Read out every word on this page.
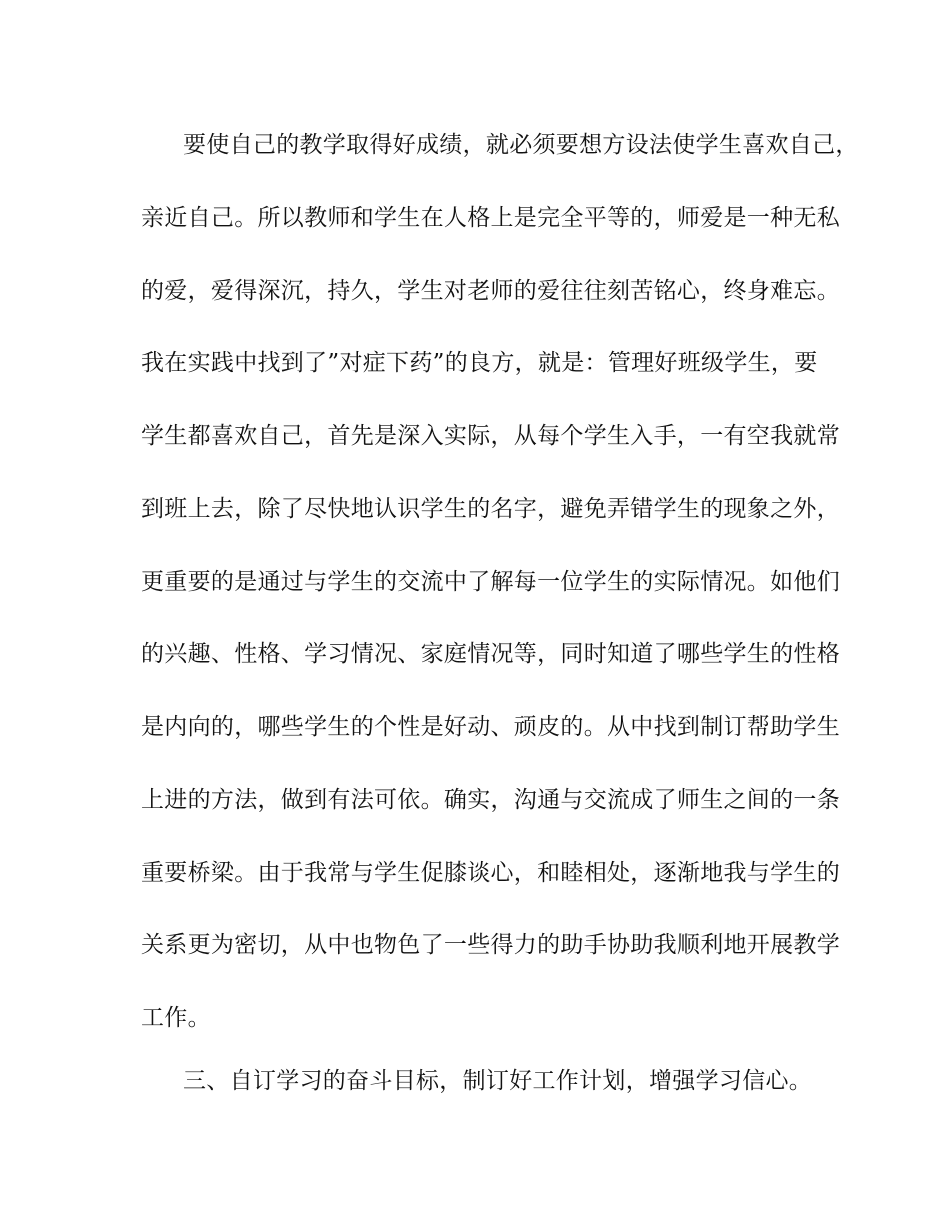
要使自己的教学取得好成绩，就必须要想方设法使学生喜欢自己，
亲近自己。所以教师和学生在人格上是完全平等的，师爱是一种无私
的爱，爱得深沉，持久，学生对老师的爱往往刻苦铭心，终身难忘。
我在实践中找到了”对症下药”的良方，就是：管理好班级学生，要
学生都喜欢自己，首先是深入实际，从每个学生入手，一有空我就常
到班上去，除了尽快地认识学生的名字，避免弄错学生的现象之外，
更重要的是通过与学生的交流中了解每一位学生的实际情况。如他们
的兴趣、性格、学习情况、家庭情况等，同时知道了哪些学生的性格
是内向的，哪些学生的个性是好动、顽皮的。从中找到制订帮助学生
上进的方法，做到有法可依。确实，沟通与交流成了师生之间的一条
重要桥梁。由于我常与学生促膝谈心，和睦相处，逐渐地我与学生的
关系更为密切，从中也物色了一些得力的助手协助我顺利地开展教学
工作。
三、自订学习的奋斗目标，制订好工作计划，增强学习信心。
